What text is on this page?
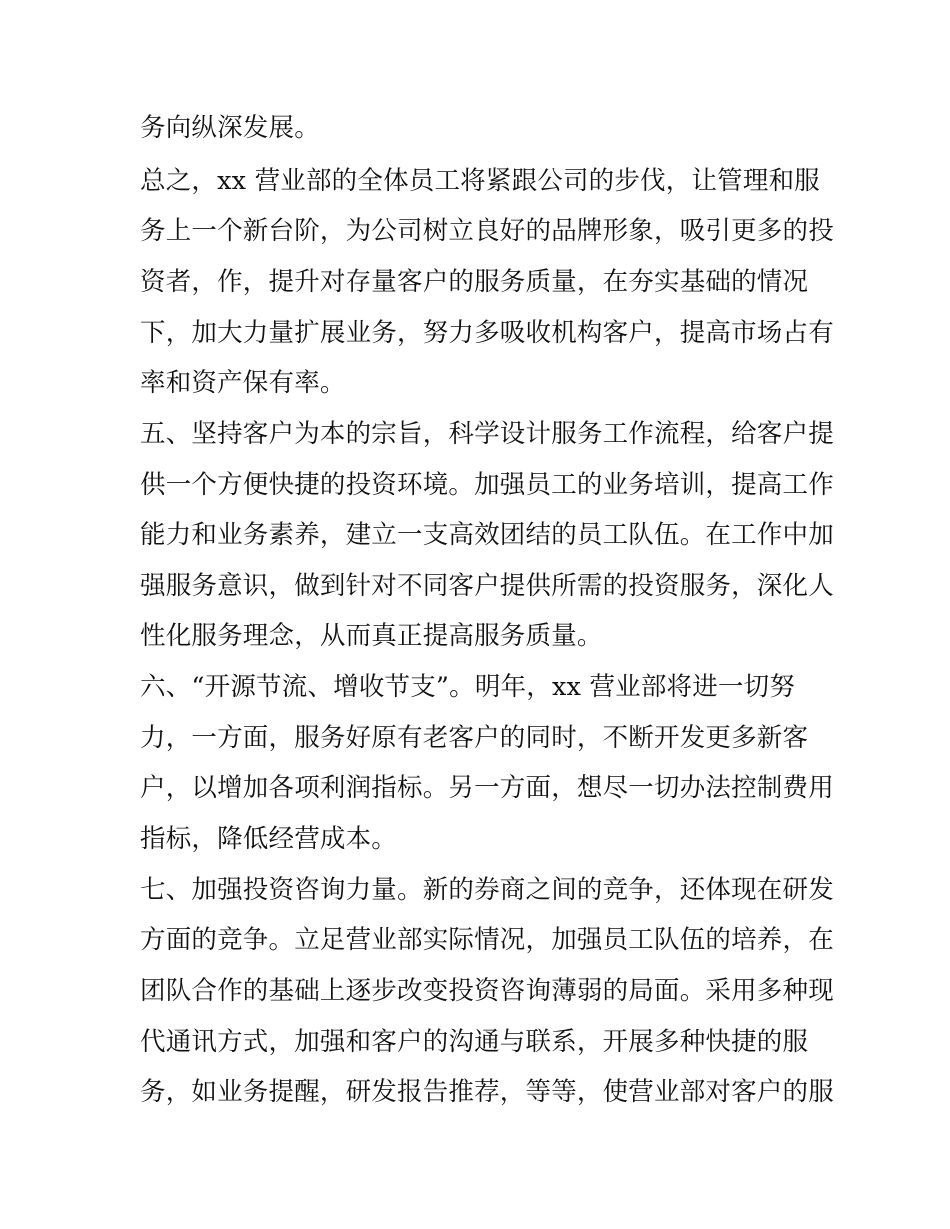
务向纵深发展。
总之，xx 营业部的全体员工将紧跟公司的步伐，让管理和服
务上一个新台阶，为公司树立良好的品牌形象，吸引更多的投
资者，作，提升对存量客户的服务质量，在夯实基础的情况
下，加大力量扩展业务，努力多吸收机构客户，提高市场占有
率和资产保有率。
五、坚持客户为本的宗旨，科学设计服务工作流程，给客户提
供一个方便快捷的投资环境。加强员工的业务培训，提高工作
能力和业务素养，建立一支高效团结的员工队伍。在工作中加
强服务意识，做到针对不同客户提供所需的投资服务，深化人
性化服务理念，从而真正提高服务质量。
六、“开源节流、增收节支”。明年，xx 营业部将进一切努
力，一方面，服务好原有老客户的同时，不断开发更多新客
户，以增加各项利润指标。另一方面，想尽一切办法控制费用
指标，降低经营成本。
七、加强投资咨询力量。新的券商之间的竞争，还体现在研发
方面的竞争。立足营业部实际情况，加强员工队伍的培养，在
团队合作的基础上逐步改变投资咨询薄弱的局面。采用多种现
代通讯方式，加强和客户的沟通与联系，开展多种快捷的服
务，如业务提醒，研发报告推荐，等等，使营业部对客户的服
